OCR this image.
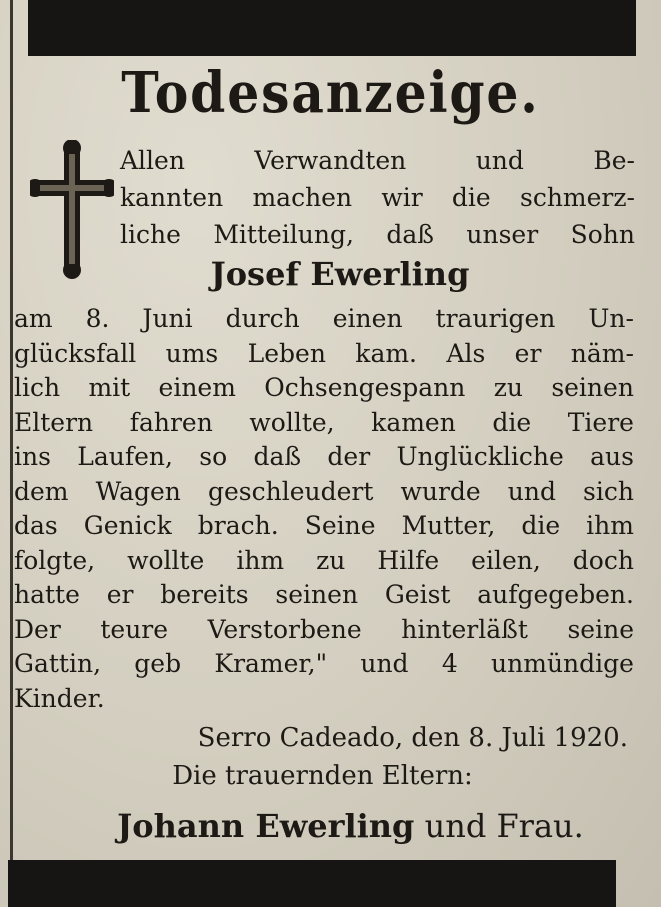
Todesanzeige.
Allen Verwandten und Be-
kannten machen wir die schmerz-
liche Mitteilung, daß unser Sohn
Josef Ewerling
am 8. Juni durch einen traurigen Un-
glücksfall ums Leben kam. Als er näm-
lich mit einem Ochsengespann zu seinen
Eltern fahren wollte, kamen die Tiere
ins Laufen, so daß der Unglückliche aus
dem Wagen geschleudert wurde und sich
das Genick brach. Seine Mutter, die ihm
folgte, wollte ihm zu Hilfe eilen, doch
hatte er bereits seinen Geist aufgegeben.
Der teure Verstorbene hinterläßt seine
Gattin, geb Kramer," und 4 unmündige
Kinder.
Serro Cadeado, den 8. Juli 1920.
Die trauernden Eltern:
Johann Ewerling und Frau.
